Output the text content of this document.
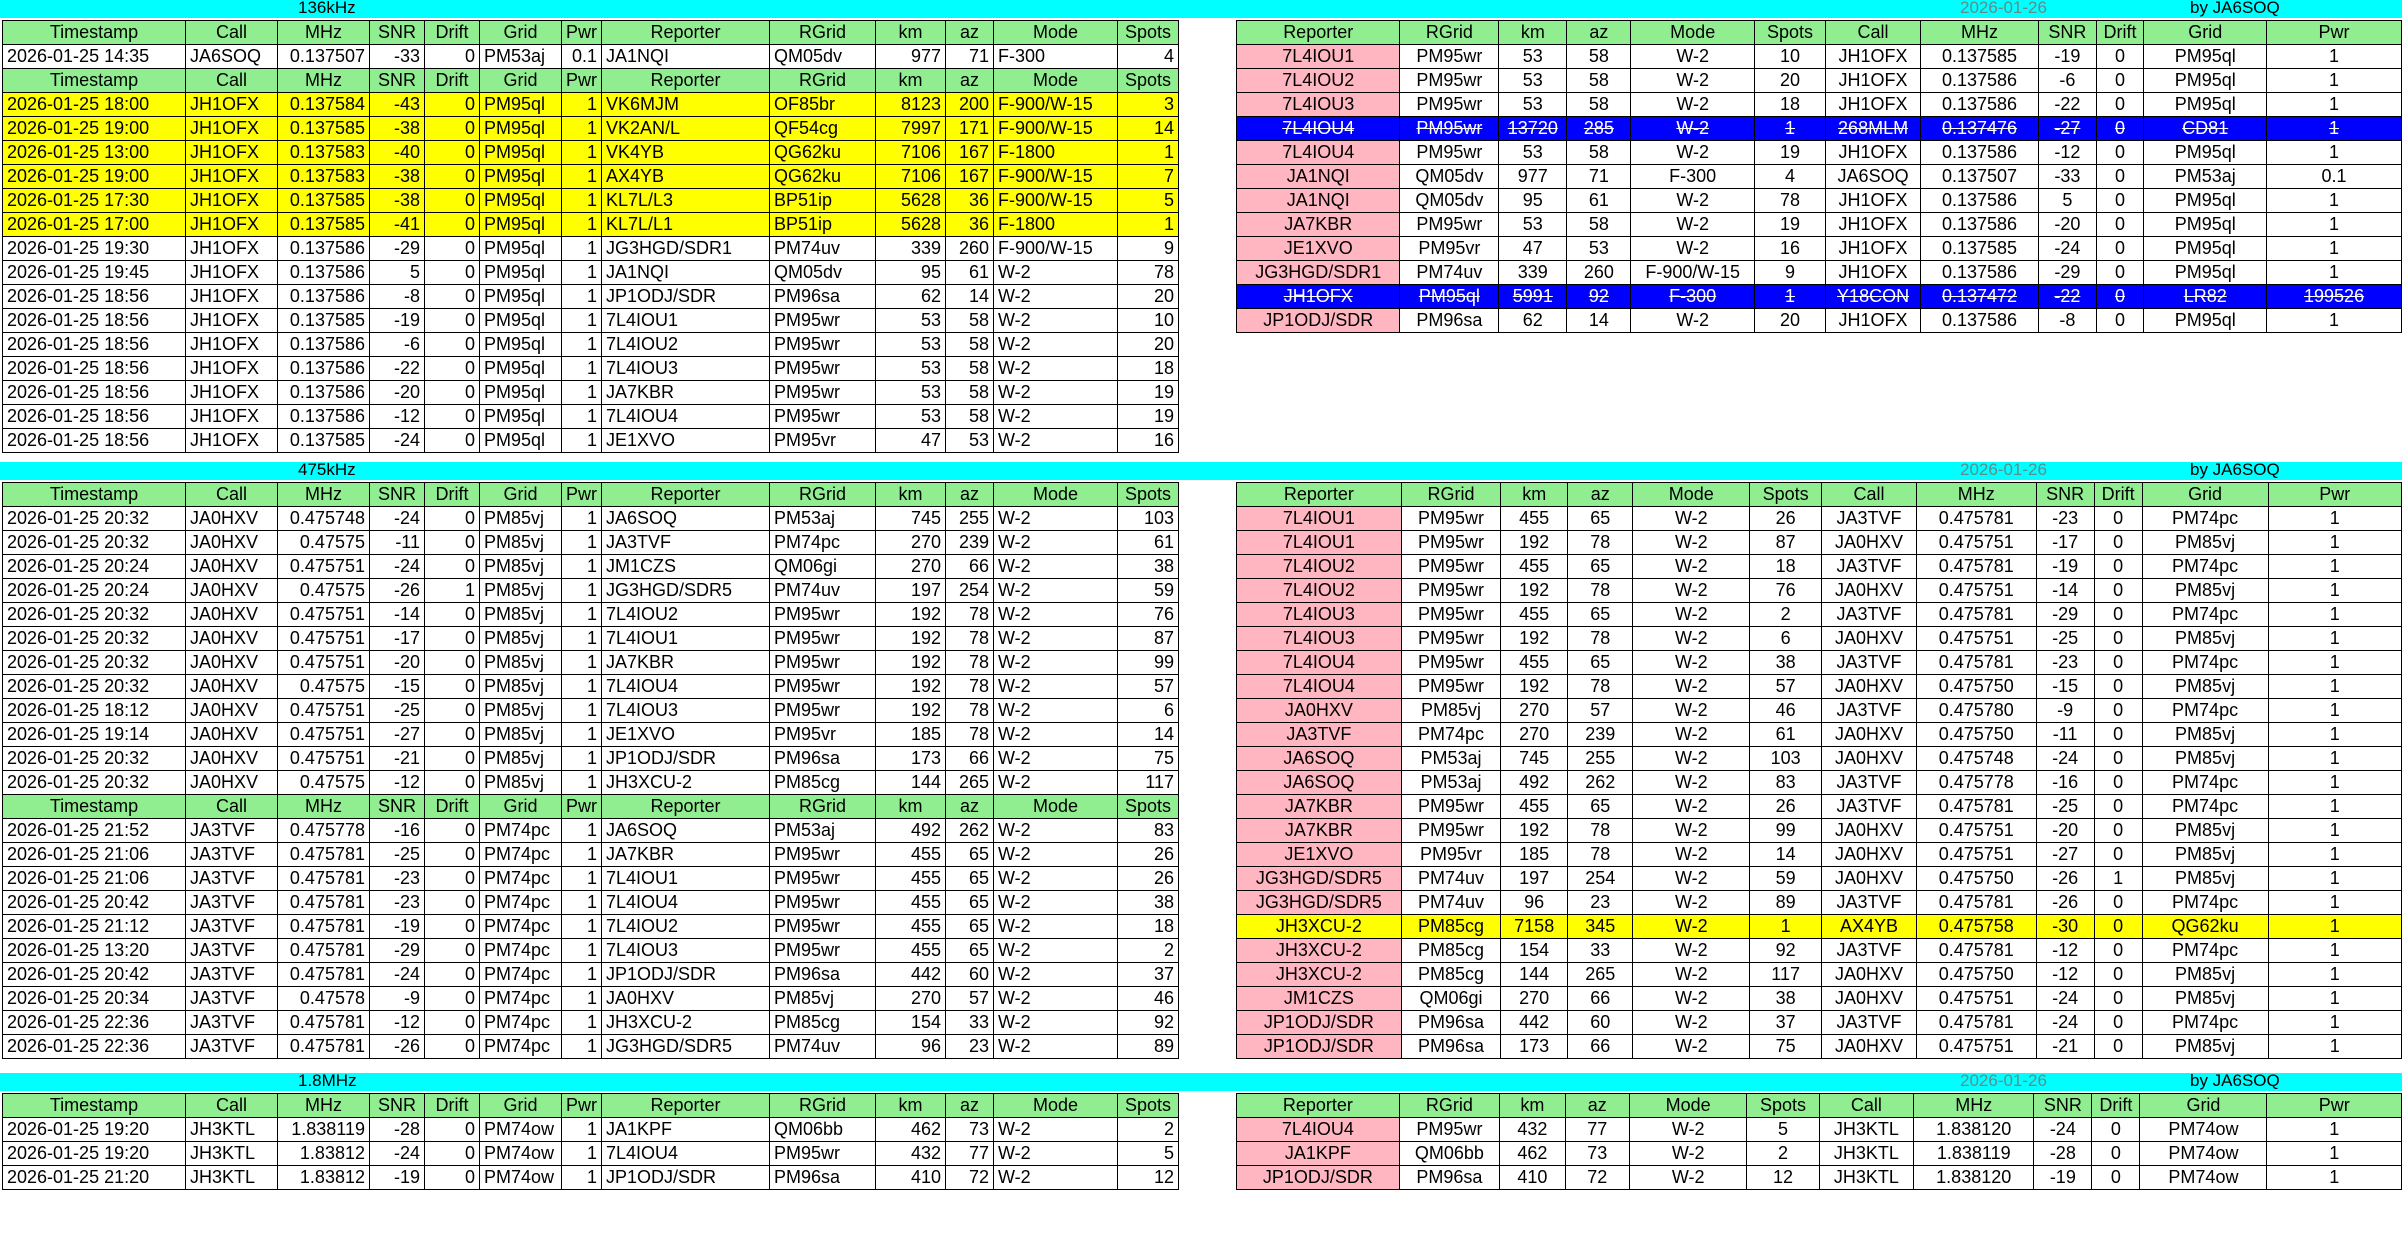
136kHz	2026-01-26	by JA6SOQ
Timestamp	Call	MHz	SNR	Drift	Grid	Pwr	Reporter	RGrid	km	az	Mode	Spots
2026-01-25 14:35	JA6SOQ	0.137507	-33	0	PM53aj	0.1	JA1NQI	QM05dv	977	71	F-300	4
Timestamp	Call	MHz	SNR	Drift	Grid	Pwr	Reporter	RGrid	km	az	Mode	Spots
2026-01-25 18:00	JH1OFX	0.137584	-43	0	PM95ql	1	VK6MJM	OF85br	8123	200	F-900/W-15	3
2026-01-25 19:00	JH1OFX	0.137585	-38	0	PM95ql	1	VK2AN/L	QF54cg	7997	171	F-900/W-15	14
2026-01-25 13:00	JH1OFX	0.137583	-40	0	PM95ql	1	VK4YB	QG62ku	7106	167	F-1800	1
2026-01-25 19:00	JH1OFX	0.137583	-38	0	PM95ql	1	AX4YB	QG62ku	7106	167	F-900/W-15	7
2026-01-25 17:30	JH1OFX	0.137585	-38	0	PM95ql	1	KL7L/L3	BP51ip	5628	36	F-900/W-15	5
2026-01-25 17:00	JH1OFX	0.137585	-41	0	PM95ql	1	KL7L/L1	BP51ip	5628	36	F-1800	1
2026-01-25 19:30	JH1OFX	0.137586	-29	0	PM95ql	1	JG3HGD/SDR1	PM74uv	339	260	F-900/W-15	9
2026-01-25 19:45	JH1OFX	0.137586	5	0	PM95ql	1	JA1NQI	QM05dv	95	61	W-2	78
2026-01-25 18:56	JH1OFX	0.137586	-8	0	PM95ql	1	JP1ODJ/SDR	PM96sa	62	14	W-2	20
2026-01-25 18:56	JH1OFX	0.137585	-19	0	PM95ql	1	7L4IOU1	PM95wr	53	58	W-2	10
2026-01-25 18:56	JH1OFX	0.137586	-6	0	PM95ql	1	7L4IOU2	PM95wr	53	58	W-2	20
2026-01-25 18:56	JH1OFX	0.137586	-22	0	PM95ql	1	7L4IOU3	PM95wr	53	58	W-2	18
2026-01-25 18:56	JH1OFX	0.137586	-20	0	PM95ql	1	JA7KBR	PM95wr	53	58	W-2	19
2026-01-25 18:56	JH1OFX	0.137586	-12	0	PM95ql	1	7L4IOU4	PM95wr	53	58	W-2	19
2026-01-25 18:56	JH1OFX	0.137585	-24	0	PM95ql	1	JE1XVO	PM95vr	47	53	W-2	16
Reporter	RGrid	km	az	Mode	Spots	Call	MHz	SNR	Drift	Grid	Pwr
7L4IOU1	PM95wr	53	58	W-2	10	JH1OFX	0.137585	-19	0	PM95ql	1
7L4IOU2	PM95wr	53	58	W-2	20	JH1OFX	0.137586	-6	0	PM95ql	1
7L4IOU3	PM95wr	53	58	W-2	18	JH1OFX	0.137586	-22	0	PM95ql	1
7L4IOU4	PM95wr	13720	285	W-2	1	268MLM	0.137476	-27	0	CD81	1
7L4IOU4	PM95wr	53	58	W-2	19	JH1OFX	0.137586	-12	0	PM95ql	1
JA1NQI	QM05dv	977	71	F-300	4	JA6SOQ	0.137507	-33	0	PM53aj	0.1
JA1NQI	QM05dv	95	61	W-2	78	JH1OFX	0.137586	5	0	PM95ql	1
JA7KBR	PM95wr	53	58	W-2	19	JH1OFX	0.137586	-20	0	PM95ql	1
JE1XVO	PM95vr	47	53	W-2	16	JH1OFX	0.137585	-24	0	PM95ql	1
JG3HGD/SDR1	PM74uv	339	260	F-900/W-15	9	JH1OFX	0.137586	-29	0	PM95ql	1
JH1OFX	PM95ql	5991	92	F-300	1	Y18CON	0.137472	-22	0	LR82	199526
JP1ODJ/SDR	PM96sa	62	14	W-2	20	JH1OFX	0.137586	-8	0	PM95ql	1
475kHz	2026-01-26	by JA6SOQ
Timestamp	Call	MHz	SNR	Drift	Grid	Pwr	Reporter	RGrid	km	az	Mode	Spots
2026-01-25 20:32	JA0HXV	0.475748	-24	0	PM85vj	1	JA6SOQ	PM53aj	745	255	W-2	103
2026-01-25 20:32	JA0HXV	0.47575	-11	0	PM85vj	1	JA3TVF	PM74pc	270	239	W-2	61
2026-01-25 20:24	JA0HXV	0.475751	-24	0	PM85vj	1	JM1CZS	QM06gi	270	66	W-2	38
2026-01-25 20:24	JA0HXV	0.47575	-26	1	PM85vj	1	JG3HGD/SDR5	PM74uv	197	254	W-2	59
2026-01-25 20:32	JA0HXV	0.475751	-14	0	PM85vj	1	7L4IOU2	PM95wr	192	78	W-2	76
2026-01-25 20:32	JA0HXV	0.475751	-17	0	PM85vj	1	7L4IOU1	PM95wr	192	78	W-2	87
2026-01-25 20:32	JA0HXV	0.475751	-20	0	PM85vj	1	JA7KBR	PM95wr	192	78	W-2	99
2026-01-25 20:32	JA0HXV	0.47575	-15	0	PM85vj	1	7L4IOU4	PM95wr	192	78	W-2	57
2026-01-25 18:12	JA0HXV	0.475751	-25	0	PM85vj	1	7L4IOU3	PM95wr	192	78	W-2	6
2026-01-25 19:14	JA0HXV	0.475751	-27	0	PM85vj	1	JE1XVO	PM95vr	185	78	W-2	14
2026-01-25 20:32	JA0HXV	0.475751	-21	0	PM85vj	1	JP1ODJ/SDR	PM96sa	173	66	W-2	75
2026-01-25 20:32	JA0HXV	0.47575	-12	0	PM85vj	1	JH3XCU-2	PM85cg	144	265	W-2	117
Timestamp	Call	MHz	SNR	Drift	Grid	Pwr	Reporter	RGrid	km	az	Mode	Spots
2026-01-25 21:52	JA3TVF	0.475778	-16	0	PM74pc	1	JA6SOQ	PM53aj	492	262	W-2	83
2026-01-25 21:06	JA3TVF	0.475781	-25	0	PM74pc	1	JA7KBR	PM95wr	455	65	W-2	26
2026-01-25 21:06	JA3TVF	0.475781	-23	0	PM74pc	1	7L4IOU1	PM95wr	455	65	W-2	26
2026-01-25 20:42	JA3TVF	0.475781	-23	0	PM74pc	1	7L4IOU4	PM95wr	455	65	W-2	38
2026-01-25 21:12	JA3TVF	0.475781	-19	0	PM74pc	1	7L4IOU2	PM95wr	455	65	W-2	18
2026-01-25 13:20	JA3TVF	0.475781	-29	0	PM74pc	1	7L4IOU3	PM95wr	455	65	W-2	2
2026-01-25 20:42	JA3TVF	0.475781	-24	0	PM74pc	1	JP1ODJ/SDR	PM96sa	442	60	W-2	37
2026-01-25 20:34	JA3TVF	0.47578	-9	0	PM74pc	1	JA0HXV	PM85vj	270	57	W-2	46
2026-01-25 22:36	JA3TVF	0.475781	-12	0	PM74pc	1	JH3XCU-2	PM85cg	154	33	W-2	92
2026-01-25 22:36	JA3TVF	0.475781	-26	0	PM74pc	1	JG3HGD/SDR5	PM74uv	96	23	W-2	89
Reporter	RGrid	km	az	Mode	Spots	Call	MHz	SNR	Drift	Grid	Pwr
7L4IOU1	PM95wr	455	65	W-2	26	JA3TVF	0.475781	-23	0	PM74pc	1
7L4IOU1	PM95wr	192	78	W-2	87	JA0HXV	0.475751	-17	0	PM85vj	1
7L4IOU2	PM95wr	455	65	W-2	18	JA3TVF	0.475781	-19	0	PM74pc	1
7L4IOU2	PM95wr	192	78	W-2	76	JA0HXV	0.475751	-14	0	PM85vj	1
7L4IOU3	PM95wr	455	65	W-2	2	JA3TVF	0.475781	-29	0	PM74pc	1
7L4IOU3	PM95wr	192	78	W-2	6	JA0HXV	0.475751	-25	0	PM85vj	1
7L4IOU4	PM95wr	455	65	W-2	38	JA3TVF	0.475781	-23	0	PM74pc	1
7L4IOU4	PM95wr	192	78	W-2	57	JA0HXV	0.475750	-15	0	PM85vj	1
JA0HXV	PM85vj	270	57	W-2	46	JA3TVF	0.475780	-9	0	PM74pc	1
JA3TVF	PM74pc	270	239	W-2	61	JA0HXV	0.475750	-11	0	PM85vj	1
JA6SOQ	PM53aj	745	255	W-2	103	JA0HXV	0.475748	-24	0	PM85vj	1
JA6SOQ	PM53aj	492	262	W-2	83	JA3TVF	0.475778	-16	0	PM74pc	1
JA7KBR	PM95wr	455	65	W-2	26	JA3TVF	0.475781	-25	0	PM74pc	1
JA7KBR	PM95wr	192	78	W-2	99	JA0HXV	0.475751	-20	0	PM85vj	1
JE1XVO	PM95vr	185	78	W-2	14	JA0HXV	0.475751	-27	0	PM85vj	1
JG3HGD/SDR5	PM74uv	197	254	W-2	59	JA0HXV	0.475750	-26	1	PM85vj	1
JG3HGD/SDR5	PM74uv	96	23	W-2	89	JA3TVF	0.475781	-26	0	PM74pc	1
JH3XCU-2	PM85cg	7158	345	W-2	1	AX4YB	0.475758	-30	0	QG62ku	1
JH3XCU-2	PM85cg	154	33	W-2	92	JA3TVF	0.475781	-12	0	PM74pc	1
JH3XCU-2	PM85cg	144	265	W-2	117	JA0HXV	0.475750	-12	0	PM85vj	1
JM1CZS	QM06gi	270	66	W-2	38	JA0HXV	0.475751	-24	0	PM85vj	1
JP1ODJ/SDR	PM96sa	442	60	W-2	37	JA3TVF	0.475781	-24	0	PM74pc	1
JP1ODJ/SDR	PM96sa	173	66	W-2	75	JA0HXV	0.475751	-21	0	PM85vj	1
1.8MHz	2026-01-26	by JA6SOQ
Timestamp	Call	MHz	SNR	Drift	Grid	Pwr	Reporter	RGrid	km	az	Mode	Spots
2026-01-25 19:20	JH3KTL	1.838119	-28	0	PM74ow	1	JA1KPF	QM06bb	462	73	W-2	2
2026-01-25 19:20	JH3KTL	1.83812	-24	0	PM74ow	1	7L4IOU4	PM95wr	432	77	W-2	5
2026-01-25 21:20	JH3KTL	1.83812	-19	0	PM74ow	1	JP1ODJ/SDR	PM96sa	410	72	W-2	12
Reporter	RGrid	km	az	Mode	Spots	Call	MHz	SNR	Drift	Grid	Pwr
7L4IOU4	PM95wr	432	77	W-2	5	JH3KTL	1.838120	-24	0	PM74ow	1
JA1KPF	QM06bb	462	73	W-2	2	JH3KTL	1.838119	-28	0	PM74ow	1
JP1ODJ/SDR	PM96sa	410	72	W-2	12	JH3KTL	1.838120	-19	0	PM74ow	1
